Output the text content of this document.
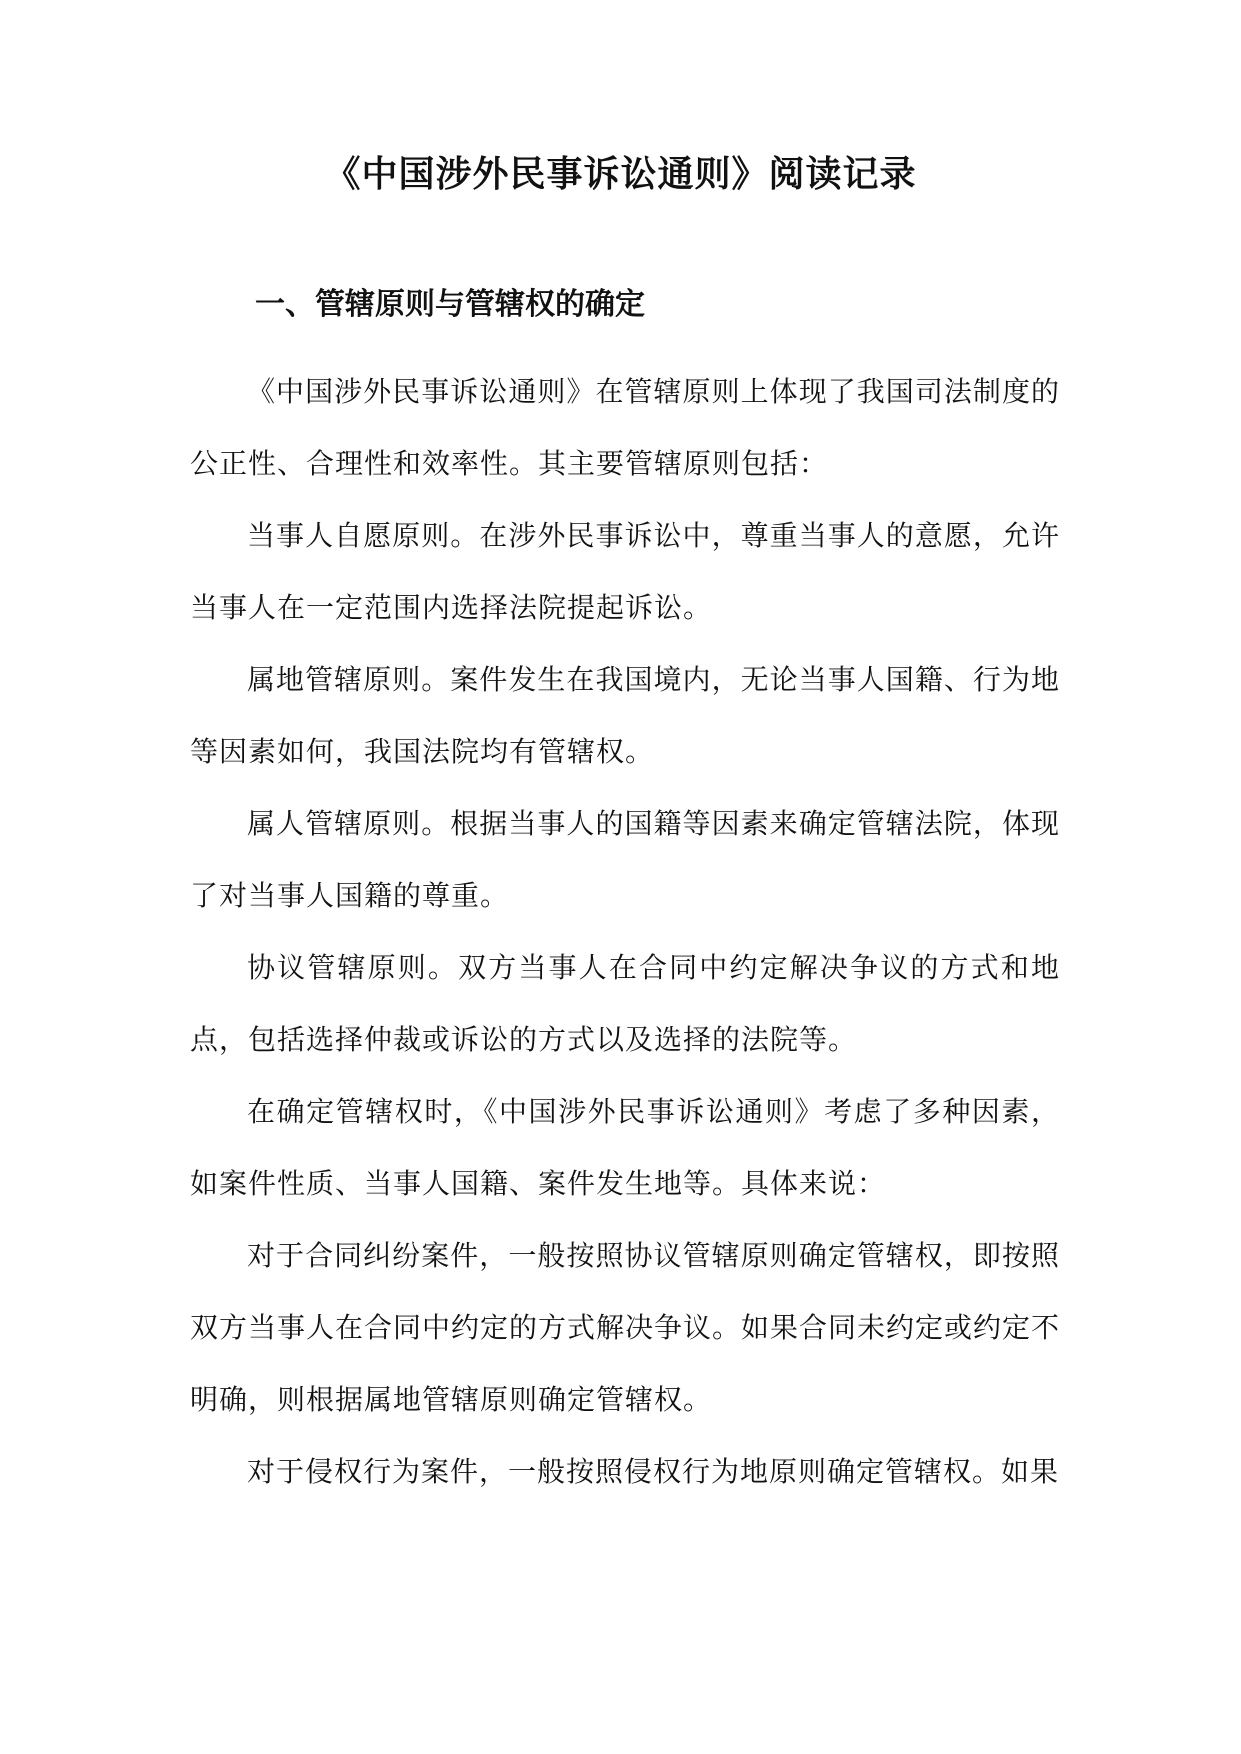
《中国涉外民事诉讼通则》阅读记录
一、管辖原则与管辖权的确定

《中国涉外民事诉讼通则》在管辖原则上体现了我国司法制度的公正性、合理性和效率性。其主要管辖原则包括：

当事人自愿原则。在涉外民事诉讼中，尊重当事人的意愿，允许当事人在一定范围内选择法院提起诉讼。

属地管辖原则。案件发生在我国境内，无论当事人国籍、行为地等因素如何，我国法院均有管辖权。

属人管辖原则。根据当事人的国籍等因素来确定管辖法院，体现了对当事人国籍的尊重。

协议管辖原则。双方当事人在合同中约定解决争议的方式和地点，包括选择仲裁或诉讼的方式以及选择的法院等。

在确定管辖权时，《中国涉外民事诉讼通则》考虑了多种因素，如案件性质、当事人国籍、案件发生地等。具体来说：

对于合同纠纷案件，一般按照协议管辖原则确定管辖权，即按照双方当事人在合同中约定的方式解决争议。如果合同未约定或约定不明确，则根据属地管辖原则确定管辖权。

对于侵权行为案件，一般按照侵权行为地原则确定管辖权。如果
